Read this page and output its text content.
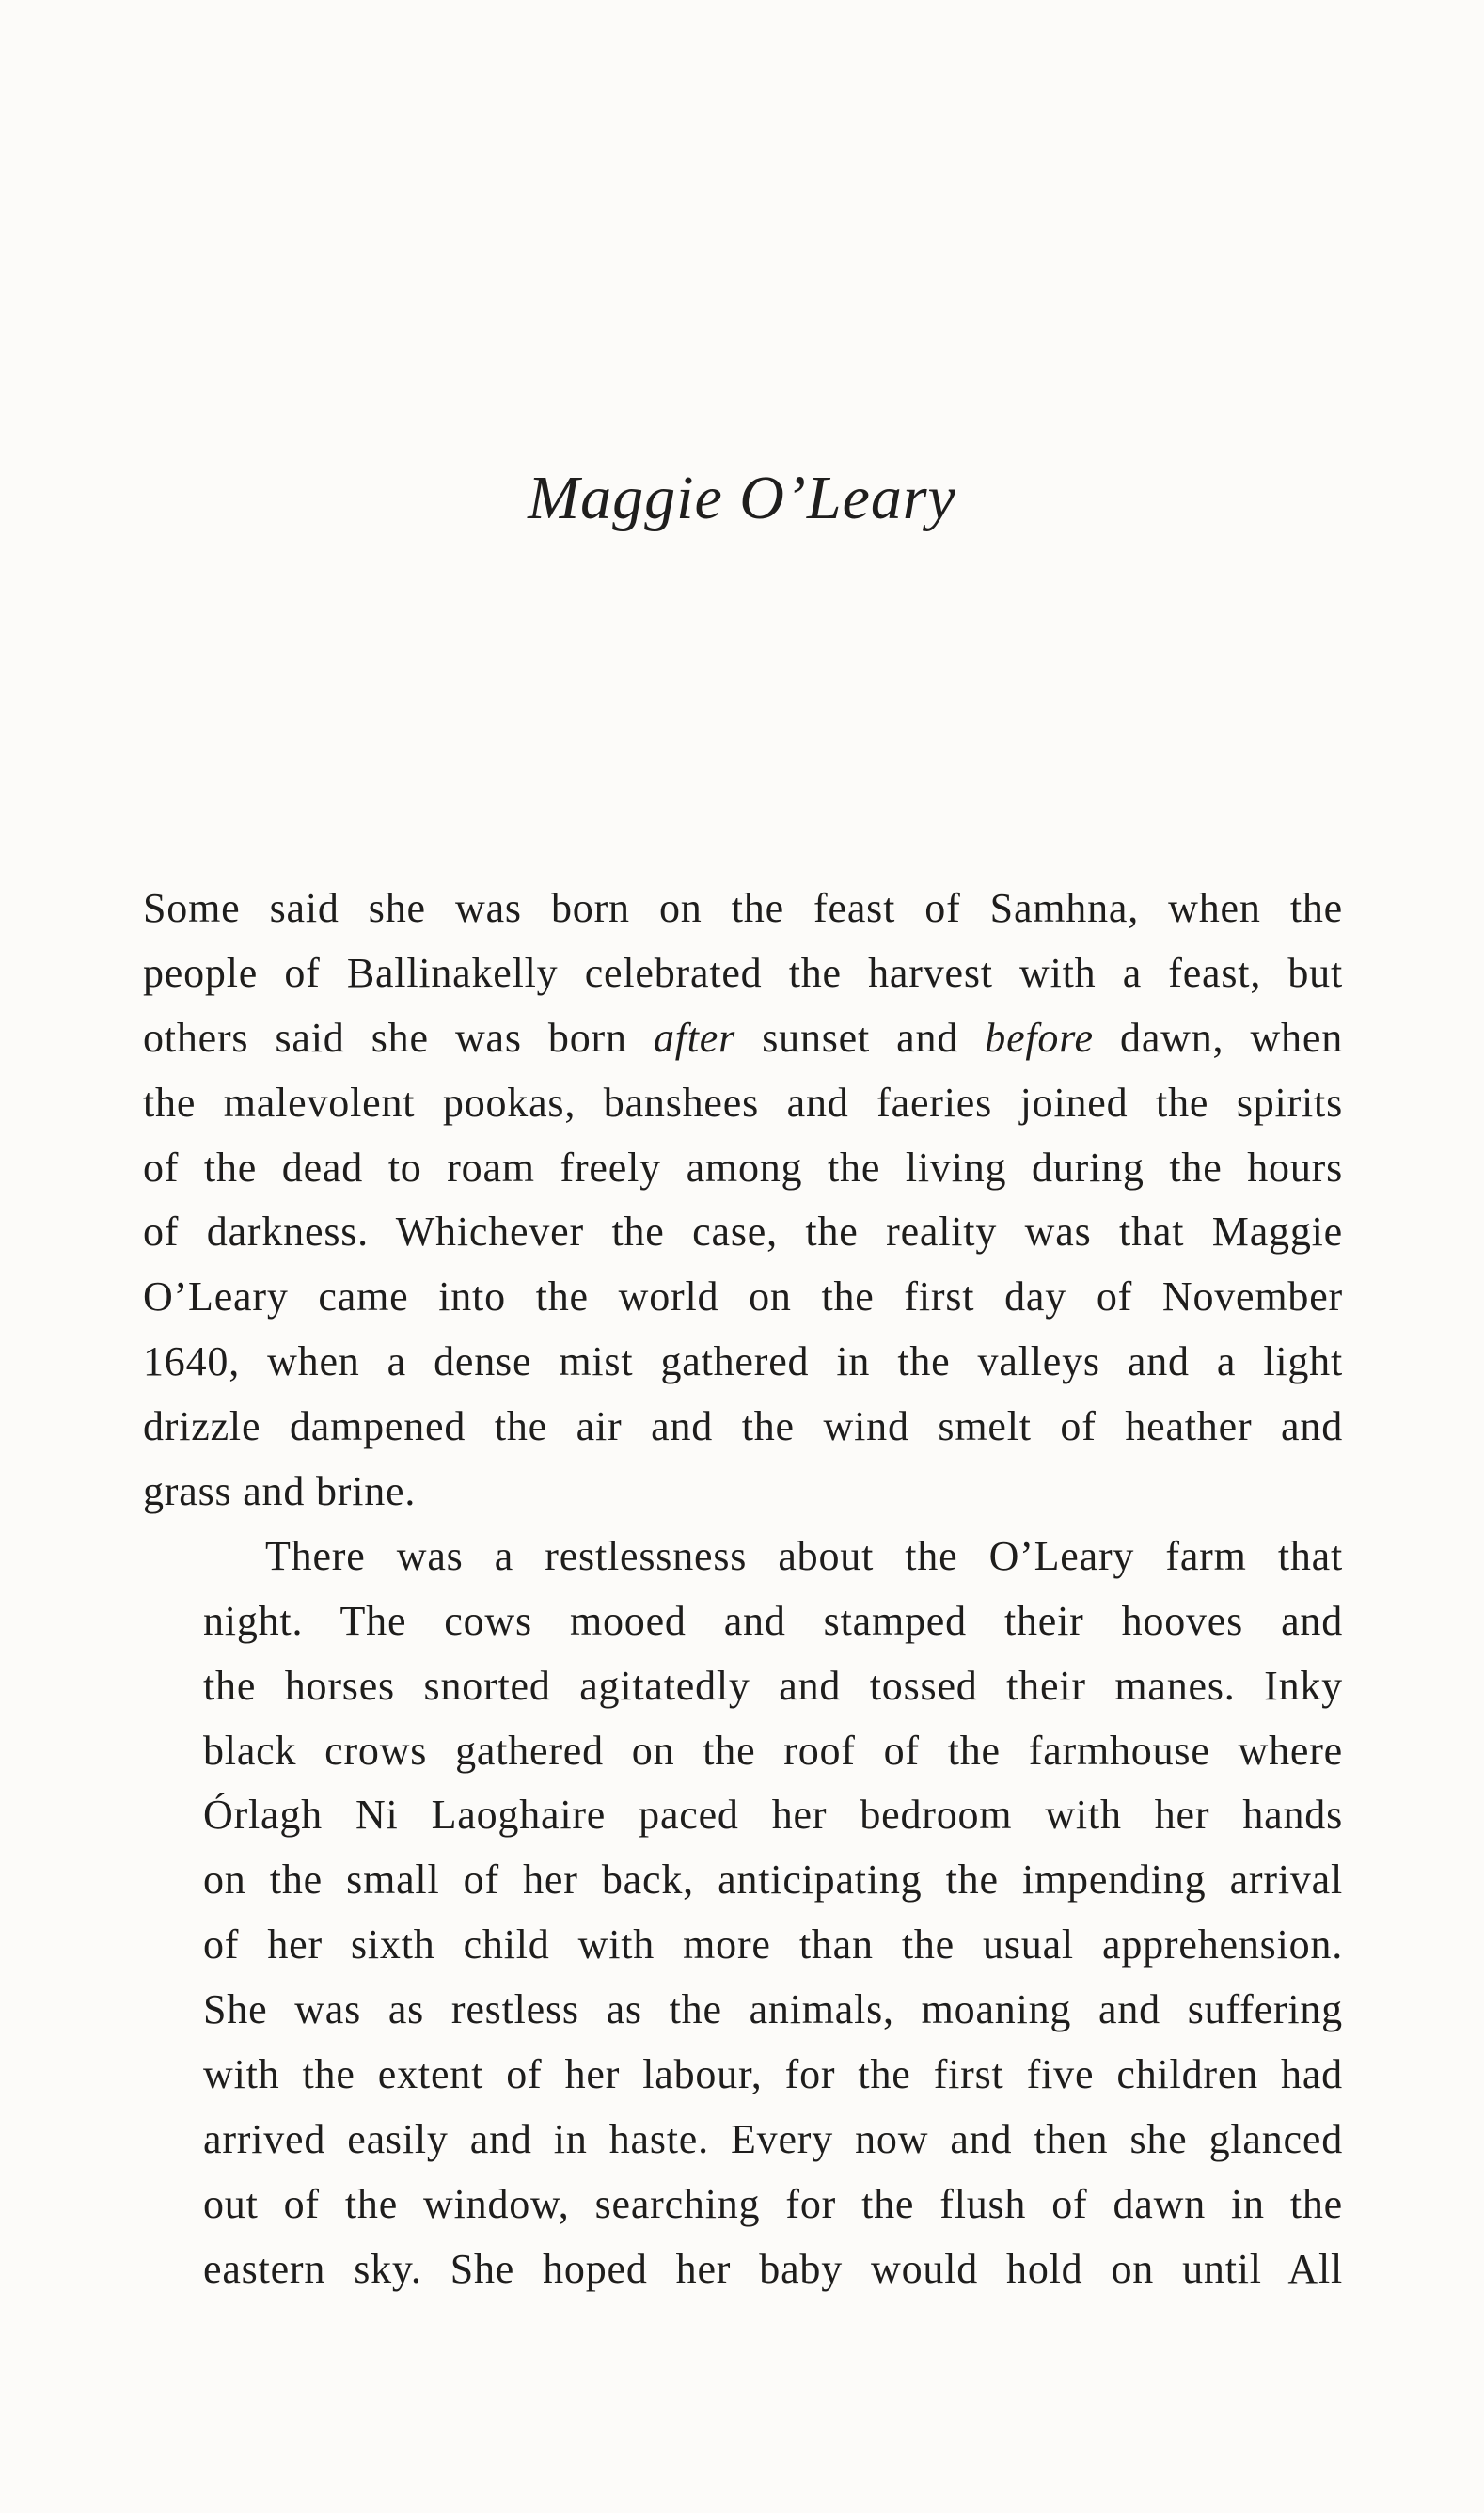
Maggie O’Leary
Some said she was born on the feast of Samhna, when the
people of Ballinakelly celebrated the harvest with a feast, but
others said she was born after sunset and before dawn, when
the malevolent pookas, banshees and faeries joined the spirits
of the dead to roam freely among the living during the hours
of darkness. Whichever the case, the reality was that Maggie
O’Leary came into the world on the first day of November
1640, when a dense mist gathered in the valleys and a light
drizzle dampened the air and the wind smelt of heather and
grass and brine.
There was a restlessness about the O’Leary farm that
night. The cows mooed and stamped their hooves and
the horses snorted agitatedly and tossed their manes. Inky
black crows gathered on the roof of the farmhouse where
Órlagh Ni Laoghaire paced her bedroom with her hands
on the small of her back, anticipating the impending arrival
of her sixth child with more than the usual apprehension.
She was as restless as the animals, moaning and suffering
with the extent of her labour, for the first five children had
arrived easily and in haste. Every now and then she glanced
out of the window, searching for the flush of dawn in the
eastern sky. She hoped her baby would hold on until All
